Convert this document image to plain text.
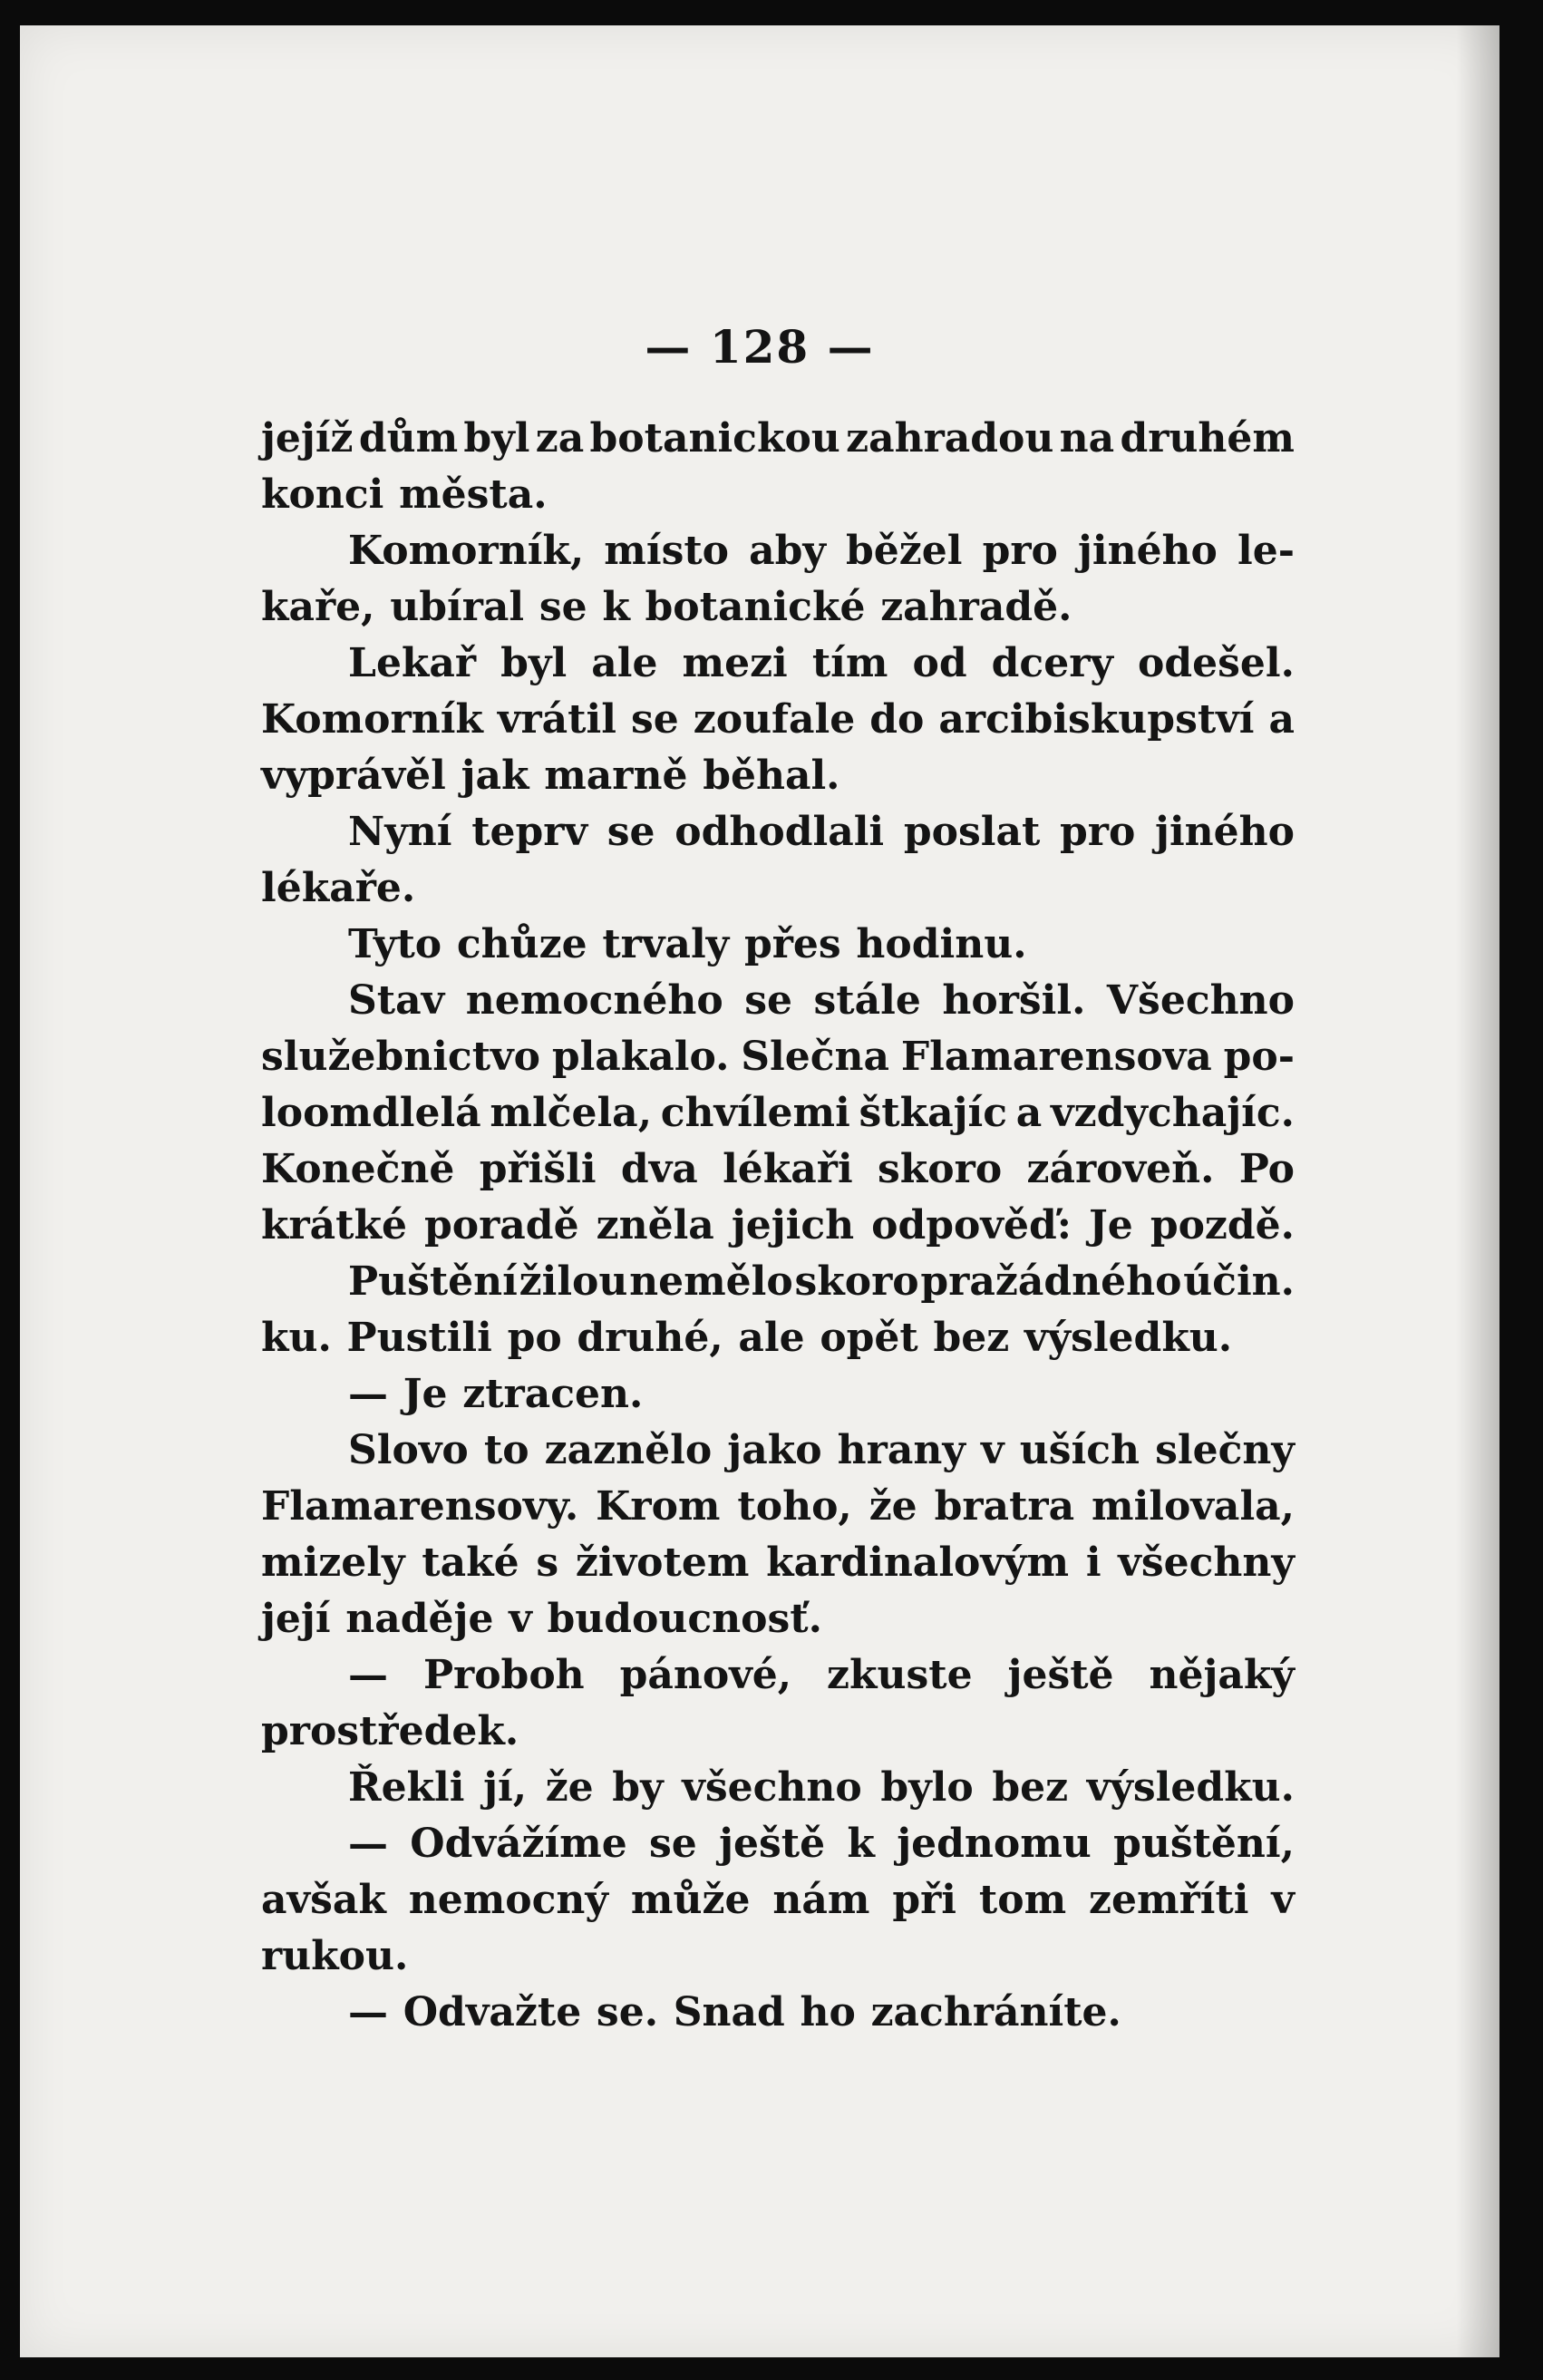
— 128 —
jejíž dům byl za botanickou zahradou na druhém
konci města.
Komorník, místo aby běžel pro jiného le-
kaře, ubíral se k botanické zahradě.
Lekař byl ale mezi tím od dcery odešel.
Komorník vrátil se zoufale do arcibiskupství a
vyprávěl jak marně běhal.
Nyní teprv se odhodlali poslat pro jiného
lékaře.
Tyto chůze trvaly přes hodinu.
Stav nemocného se stále horšil. Všechno
služebnictvo plakalo. Slečna Flamarensova po-
loomdlelá mlčela, chvílemi štkajíc a vzdychajíc.
Konečně přišli dva lékaři skoro zároveň. Po
krátké poradě zněla jejich odpověď: Je pozdě.
Puštění žilou nemělo skoro pražádného účin.
ku. Pustili po druhé, ale opět bez výsledku.
— Je ztracen.
Slovo to zaznělo jako hrany v uších slečny
Flamarensovy. Krom toho, že bratra milovala,
mizely také s životem kardinalovým i všechny
její naděje v budoucnosť.
— Proboh pánové, zkuste ještě nějaký
prostředek.
Řekli jí, že by všechno bylo bez výsledku.
— Odvážíme se ještě k jednomu puštění,
avšak nemocný může nám při tom zemříti v
rukou.
— Odvažte se. Snad ho zachráníte.
